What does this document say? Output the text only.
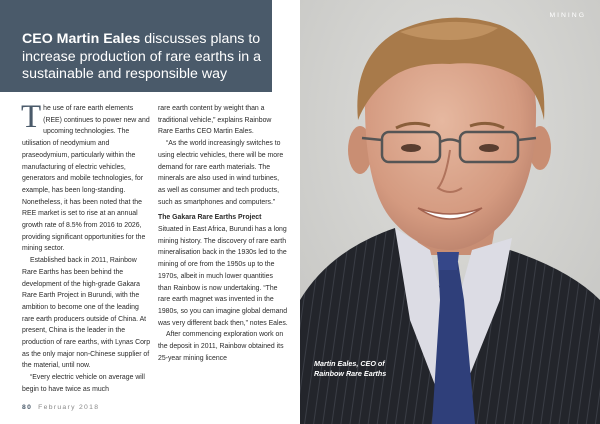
CEO Martin Eales discusses plans to increase production of rare earths in a sustainable and responsible way

The use of rare earth elements (REE) continues to power new and upcoming technologies. The utilisation of neodymium and praseodymium, particularly within the manufacturing of electric vehicles, generators and mobile technologies, for example, has been long-standing. Nonetheless, it has been noted that the REE market is set to rise at an annual growth rate of 8.5% from 2016 to 2026, providing significant opportunities for the mining sector.

Established back in 2011, Rainbow Rare Earths has been behind the development of the high-grade Gakara Rare Earth Project in Burundi, with the ambition to become one of the leading rare earth producers outside of China. At present, China is the leader in the production of rare earths, with Lynas Corp as the only major non-Chinese supplier of the material, until now.

“Every electric vehicle on average will begin to have twice as much

rare earth content by weight than a traditional vehicle,” explains Rainbow Rare Earths CEO Martin Eales.

“As the world increasingly switches to using electric vehicles, there will be more demand for rare earth materials. The minerals are also used in wind turbines, as well as consumer and tech products, such as smartphones and computers.”

The Gakara Rare Earths Project

Situated in East Africa, Burundi has a long mining history. The discovery of rare earth mineralisation back in the 1930s led to the mining of ore from the 1950s up to the 1970s, albeit in much lower quantities than Rainbow is now undertaking. “The rare earth magnet was invented in the 1980s, so you can imagine global demand was very different back then,” notes Eales.

After commencing exploration work on the deposit in 2011, Rainbow obtained its 25-year mining licence

80 February 2018
MINING
Martin Eales, CEO of
Rainbow Rare Earths
